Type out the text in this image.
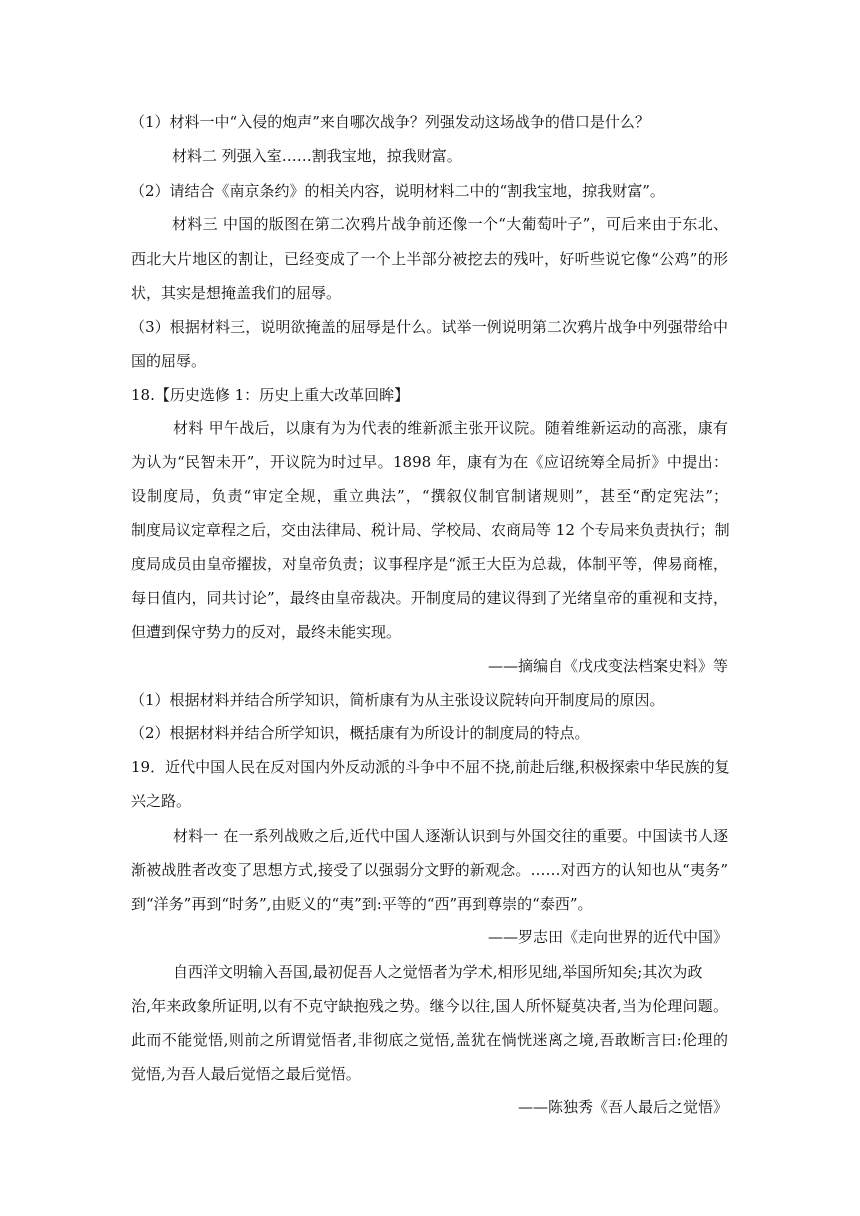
（1）材料一中“入侵的炮声”来自哪次战争？列强发动这场战争的借口是什么？
材料二 列强入室……割我宝地，掠我财富。
（2）请结合《南京条约》的相关内容，说明材料二中的“割我宝地，掠我财富”。
材料三 中国的版图在第二次鸦片战争前还像一个“大葡萄叶子”，可后来由于东北、
西北大片地区的割让，已经变成了一个上半部分被挖去的残叶，好听些说它像“公鸡”的形
状，其实是想掩盖我们的屈辱。
（3）根据材料三，说明欲掩盖的屈辱是什么。试举一例说明第二次鸦片战争中列强带给中
国的屈辱。
18.【历史选修 1：历史上重大改革回眸】
材料 甲午战后，以康有为为代表的维新派主张开议院。随着维新运动的高涨，康有
为认为“民智未开”，开议院为时过早。1898 年，康有为在《应诏统筹全局折》中提出：
设制度局，负责“审定全规，重立典法”，“撰叙仪制官制诸规则”，甚至“酌定宪法”；
制度局议定章程之后，交由法律局、税计局、学校局、农商局等 12 个专局来负责执行；制
度局成员由皇帝擢拔，对皇帝负责；议事程序是“派王大臣为总裁，体制平等，俾易商榷，
每日值内，同共讨论”，最终由皇帝裁决。开制度局的建议得到了光绪皇帝的重视和支持，
但遭到保守势力的反对，最终未能实现。
——摘编自《戊戌变法档案史料》等
（1）根据材料并结合所学知识，简析康有为从主张设议院转向开制度局的原因。
（2）根据材料并结合所学知识，概括康有为所设计的制度局的特点。
19．近代中国人民在反对国内外反动派的斗争中不屈不挠,前赴后继,积极探索中华民族的复
兴之路。
材料一 在一系列战败之后,近代中国人逐渐认识到与外国交往的重要。中国读书人逐
渐被战胜者改变了思想方式,接受了以强弱分文野的新观念。……对西方的认知也从“夷务”
到“洋务”再到“时务”,由贬义的“夷”到:平等的“西”再到尊崇的“泰西”。
——罗志田《走向世界的近代中国》
自西洋文明输入吾国,最初促吾人之觉悟者为学术,相形见绌,举国所知矣;其次为政
治,年来政象所证明,以有不克守缺抱残之势。继今以往,国人所怀疑莫决者,当为伦理问题。
此而不能觉悟,则前之所谓觉悟者,非彻底之觉悟,盖犹在惝恍迷离之境,吾敢断言曰:伦理的
觉悟,为吾人最后觉悟之最后觉悟。
——陈独秀《吾人最后之觉悟》
